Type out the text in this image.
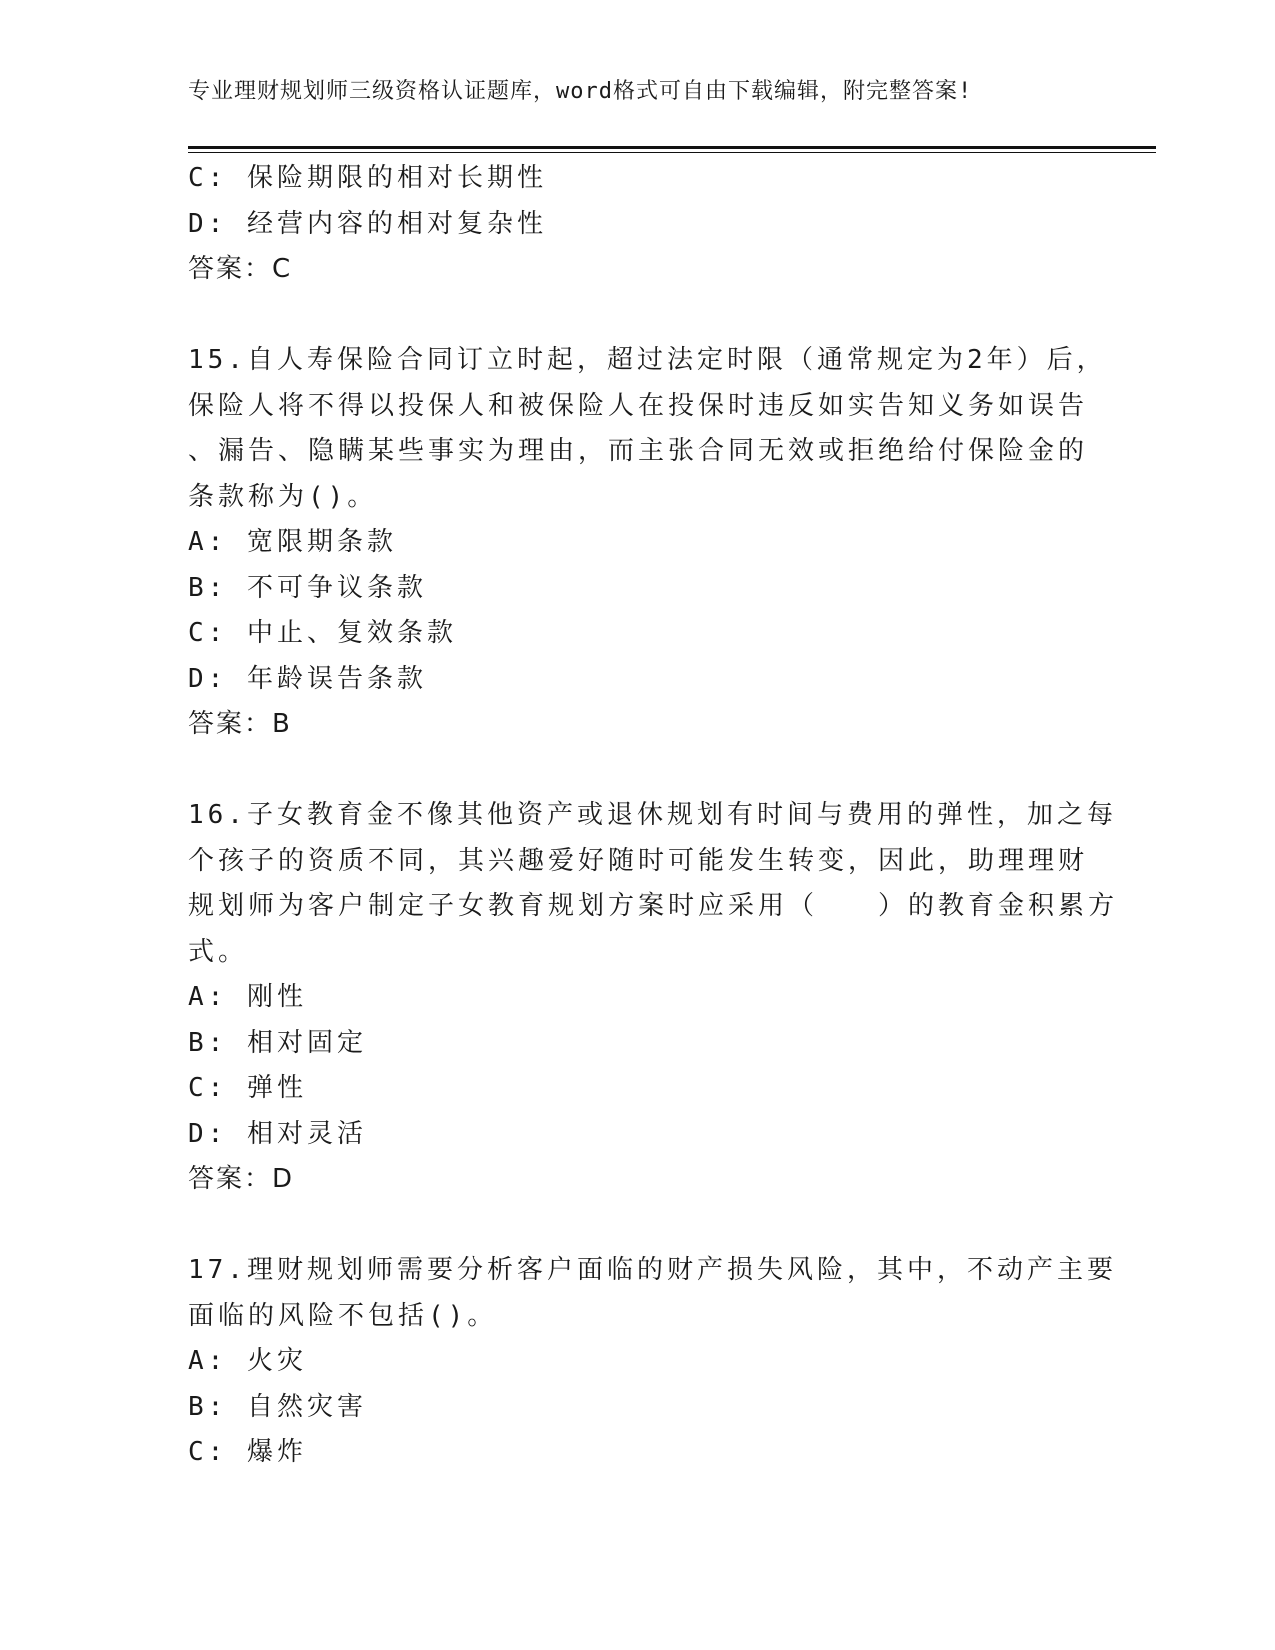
专业理财规划师三级资格认证题库，word格式可自由下载编辑，附完整答案!
C: 保险期限的相对长期性
D: 经营内容的相对复杂性
答案：C
15.自人寿保险合同订立时起，超过法定时限（通常规定为2年）后，
保险人将不得以投保人和被保险人在投保时违反如实告知义务如误告
、漏告、隐瞒某些事实为理由，而主张合同无效或拒绝给付保险金的
条款称为()。
A: 宽限期条款
B: 不可争议条款
C: 中止、复效条款
D: 年龄误告条款
答案：B
16.子女教育金不像其他资产或退休规划有时间与费用的弹性，加之每
个孩子的资质不同，其兴趣爱好随时可能发生转变，因此，助理理财
规划师为客户制定子女教育规划方案时应采用（　　）的教育金积累方
式。
A: 刚性
B: 相对固定
C: 弹性
D: 相对灵活
答案：D
17.理财规划师需要分析客户面临的财产损失风险，其中，不动产主要
面临的风险不包括()。
A: 火灾
B: 自然灾害
C: 爆炸
